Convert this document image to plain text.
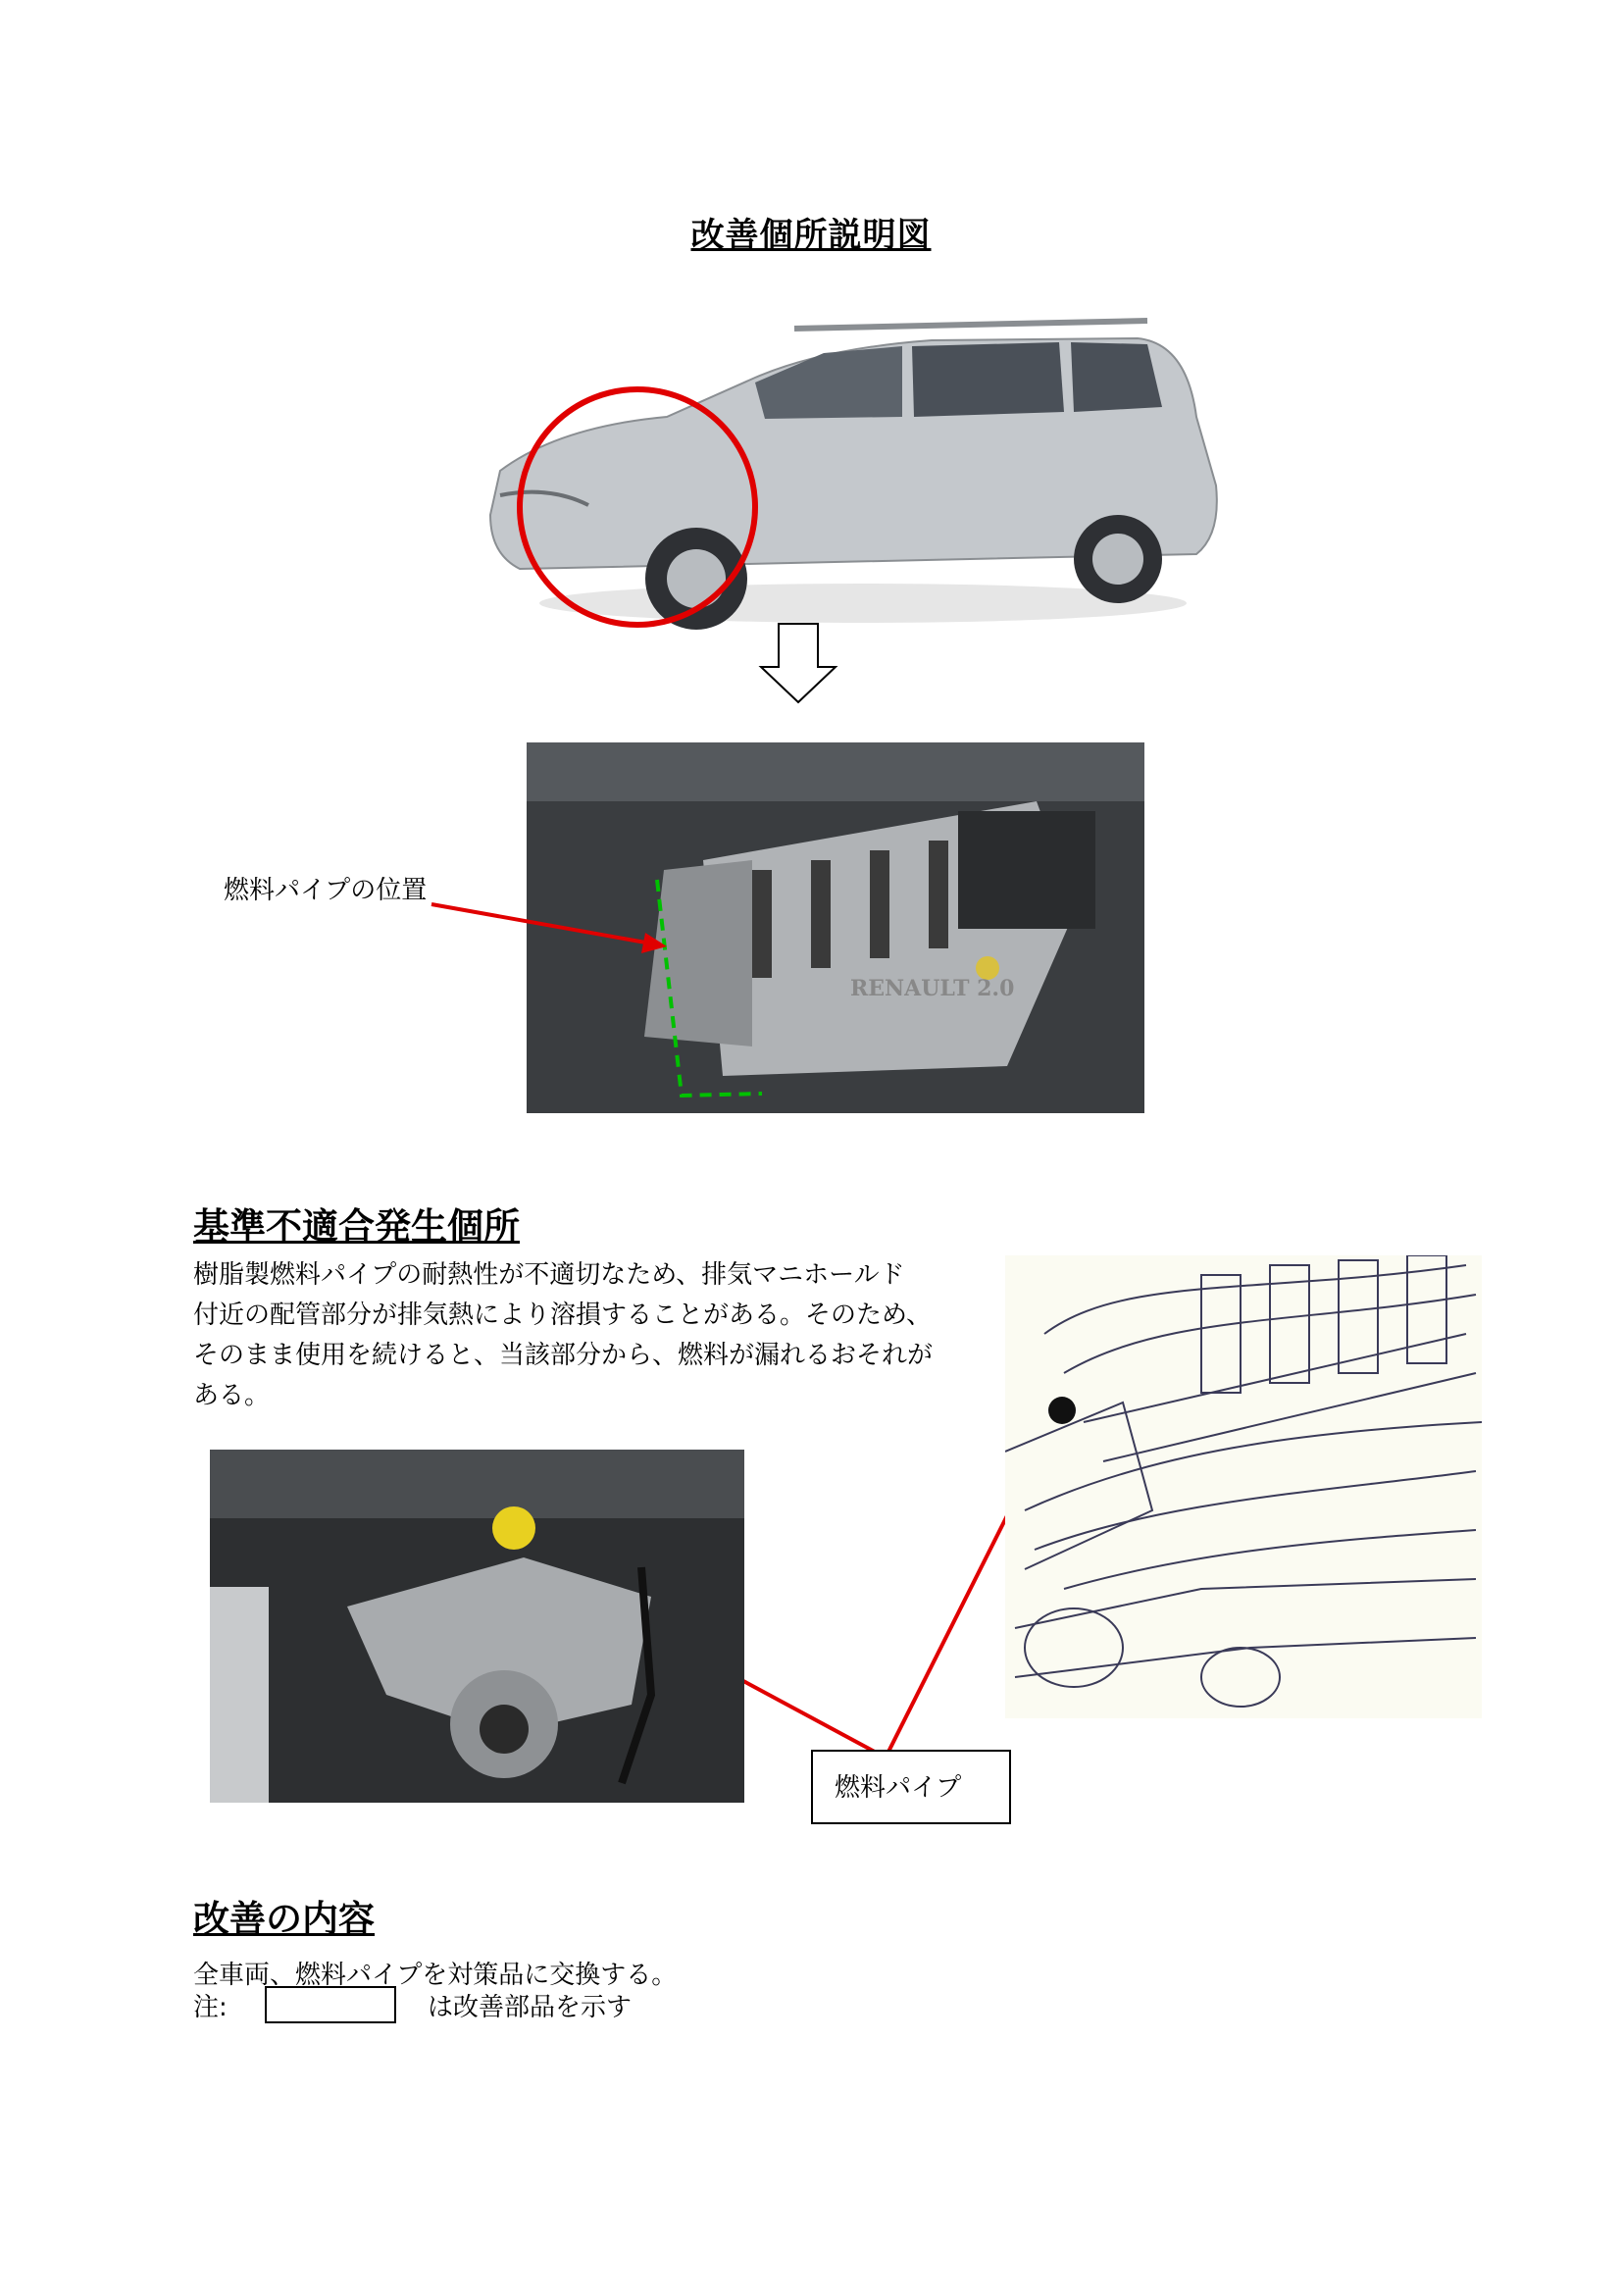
改善個所説明図
RENAULT 2.0
燃料パイプの位置
基準不適合発生個所
樹脂製燃料パイプの耐熱性が不適切なため、排気マニホールド
付近の配管部分が排気熱により溶損することがある。そのため、
そのまま使用を続けると、当該部分から、燃料が漏れるおそれが
ある。
燃料パイプ
改善の内容
全車両、燃料パイプを対策品に交換する。
注:	は改善部品を示す
